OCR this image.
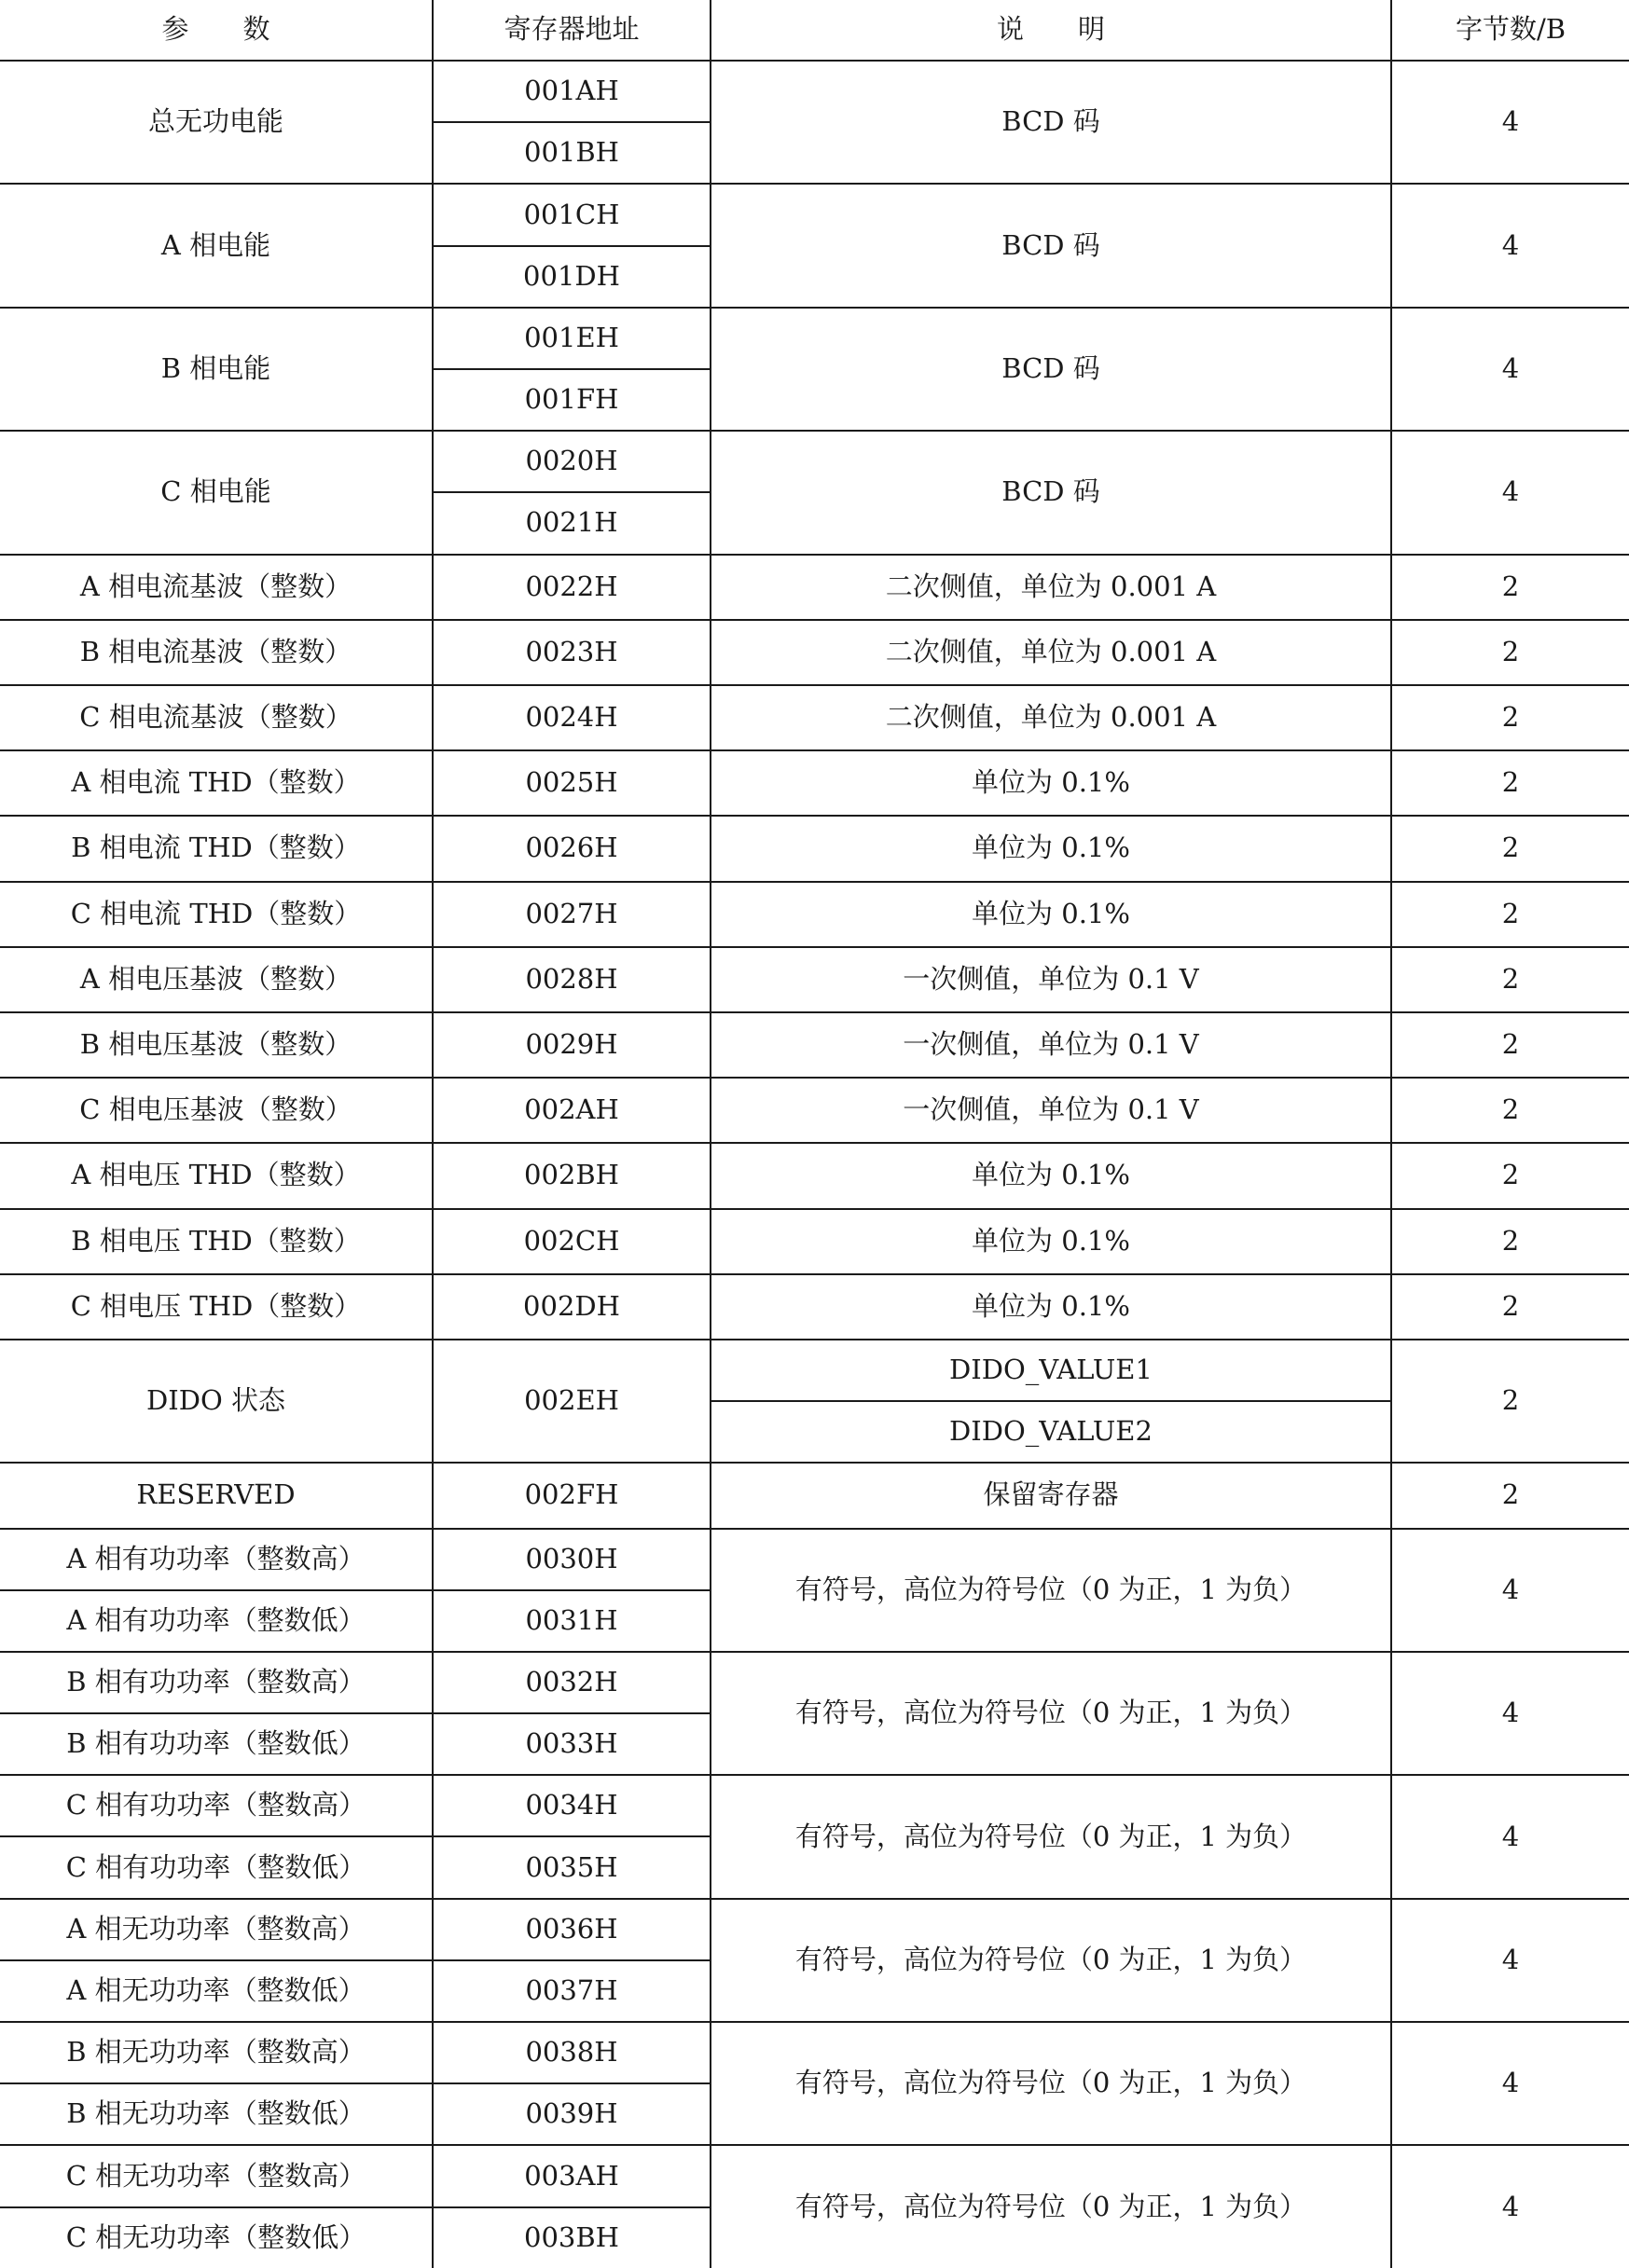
参　　数	寄存器地址	说　　明	字节数/B
总无功电能	001AH	BCD 码	4
	001BH		
A 相电能	001CH	BCD 码	4
	001DH		
B 相电能	001EH	BCD 码	4
	001FH		
C 相电能	0020H	BCD 码	4
	0021H		
A 相电流基波（整数）	0022H	二次侧值，单位为 0.001 A	2
B 相电流基波（整数）	0023H	二次侧值，单位为 0.001 A	2
C 相电流基波（整数）	0024H	二次侧值，单位为 0.001 A	2
A 相电流 THD（整数）	0025H	单位为 0.1%	2
B 相电流 THD（整数）	0026H	单位为 0.1%	2
C 相电流 THD（整数）	0027H	单位为 0.1%	2
A 相电压基波（整数）	0028H	一次侧值，单位为 0.1 V	2
B 相电压基波（整数）	0029H	一次侧值，单位为 0.1 V	2
C 相电压基波（整数）	002AH	一次侧值，单位为 0.1 V	2
A 相电压 THD（整数）	002BH	单位为 0.1%	2
B 相电压 THD（整数）	002CH	单位为 0.1%	2
C 相电压 THD（整数）	002DH	单位为 0.1%	2
DIDO 状态	002EH	DIDO_VALUE1	2
		DIDO_VALUE2	
RESERVED	002FH	保留寄存器	2
A 相有功功率（整数高）	0030H	有符号，高位为符号位（0 为正，1 为负）	4
A 相有功功率（整数低）	0031H		
B 相有功功率（整数高）	0032H	有符号，高位为符号位（0 为正，1 为负）	4
B 相有功功率（整数低）	0033H		
C 相有功功率（整数高）	0034H	有符号，高位为符号位（0 为正，1 为负）	4
C 相有功功率（整数低）	0035H		
A 相无功功率（整数高）	0036H	有符号，高位为符号位（0 为正，1 为负）	4
A 相无功功率（整数低）	0037H		
B 相无功功率（整数高）	0038H	有符号，高位为符号位（0 为正，1 为负）	4
B 相无功功率（整数低）	0039H		
C 相无功功率（整数高）	003AH	有符号，高位为符号位（0 为正，1 为负）	4
C 相无功功率（整数低）	003BH		
